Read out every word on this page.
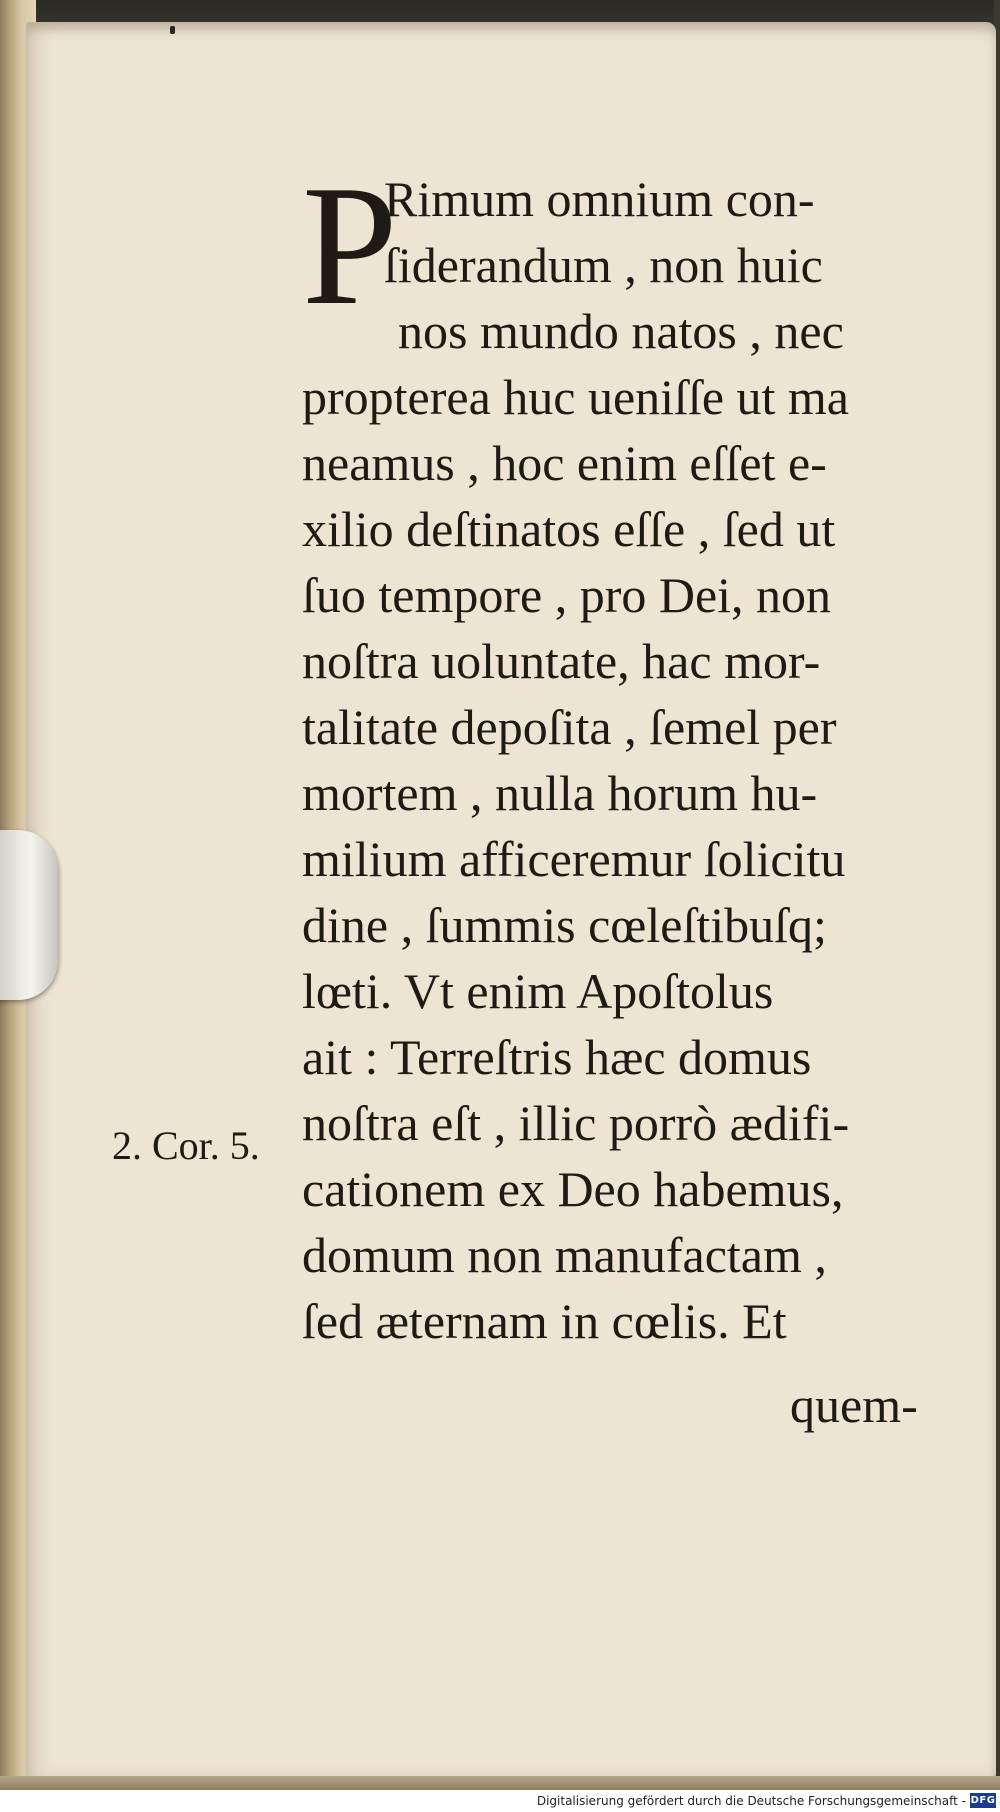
P
Rimum omnium con-
ſiderandum , non huic
nos mundo natos , nec
propterea huc ueniſſe ut ma
neamus , hoc enim eſſet e-
xilio deſtinatos eſſe , ſed ut
ſuo tempore , pro Dei, non
noſtra uoluntate, hac mor-
talitate depoſita , ſemel per
mortem , nulla horum hu-
milium afficeremur ſolicitu
dine , ſummis cœleſtibuſq;
lœti. Vt enim Apoſtolus
ait : Terreſtris hæc domus
noſtra eſt , illic porrò ædifi-
cationem ex Deo habemus,
domum non manufactam ,
ſed æternam in cœlis. Et
2. Cor. 5.
quem-
Digitalisierung gefördert durch die Deutsche Forschungsgemeinschaft - DFG
